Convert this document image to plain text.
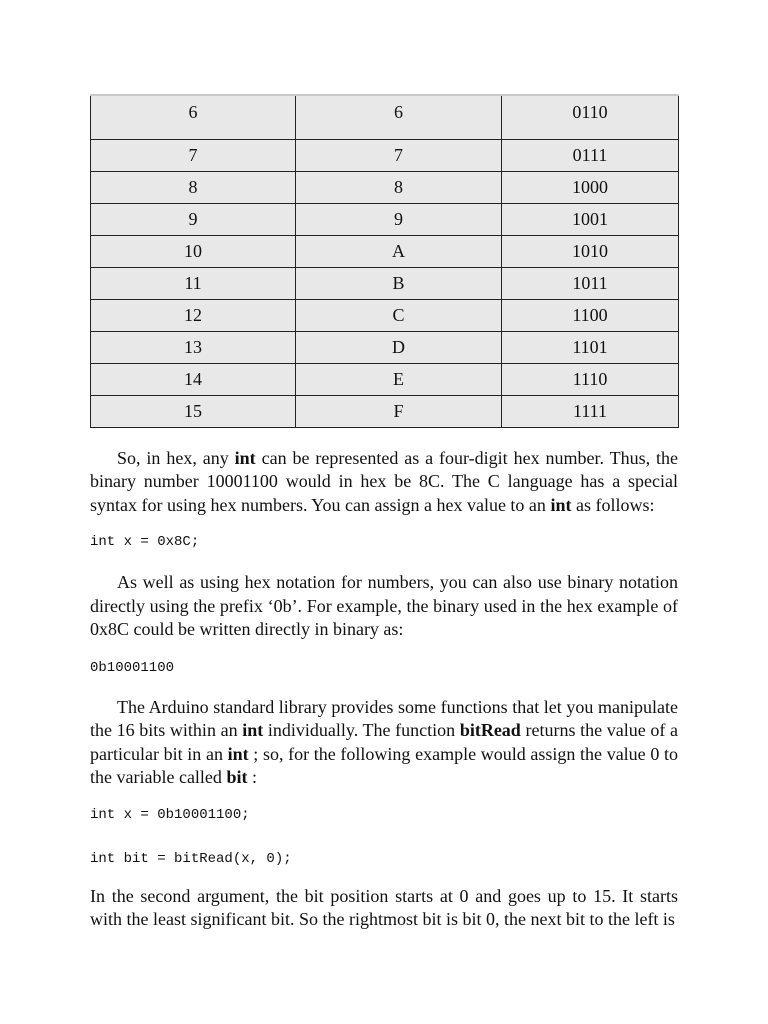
6	6	0110
7	7	0111
8	8	1000
9	9	1001
10	A	1010
11	B	1011
12	C	1100
13	D	1101
14	E	1110
15	F	1111

So, in hex, any int can be represented as a four-digit hex number. Thus, the binary number 10001100 would in hex be 8C. The C language has a special syntax for using hex numbers. You can assign a hex value to an int as follows:

int x = 0x8C;

As well as using hex notation for numbers, you can also use binary notation directly using the prefix ‘0b’. For example, the binary used in the hex example of 0x8C could be written directly in binary as:

0b10001100

The Arduino standard library provides some functions that let you manipulate the 16 bits within an int individually. The function bitRead returns the value of a particular bit in an int ; so, for the following example would assign the value 0 to the variable called bit :

int x = 0b10001100;

int bit = bitRead(x, 0);

In the second argument, the bit position starts at 0 and goes up to 15. It starts with the least significant bit. So the rightmost bit is bit 0, the next bit to the left is
